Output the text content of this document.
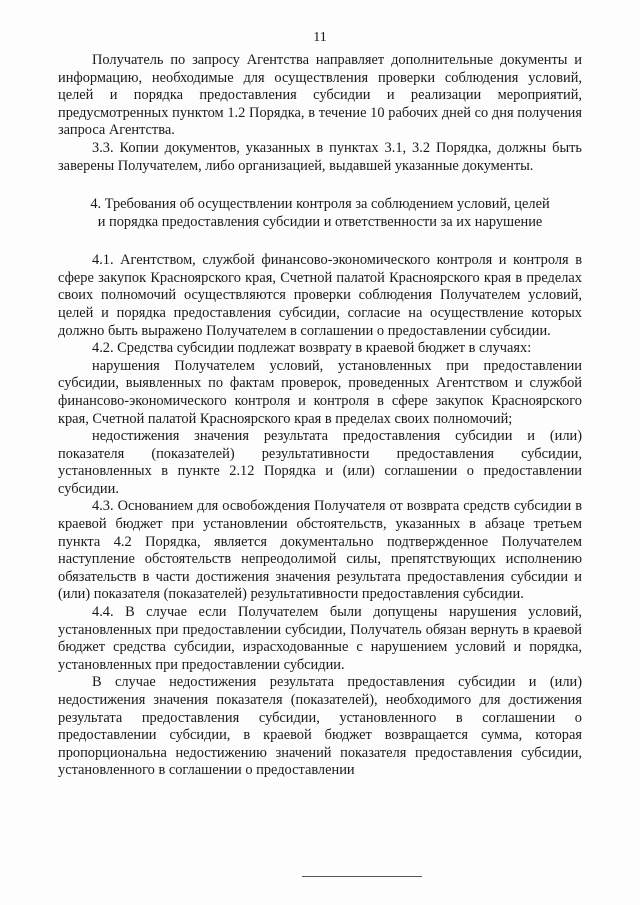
11

Получатель по запросу Агентства направляет дополнительные документы и информацию, необходимые для осуществления проверки соблюдения условий, целей и порядка предоставления субсидии и реализации мероприятий, предусмотренных пунктом 1.2 Порядка, в течение 10 рабочих дней со дня получения запроса Агентства.

3.3. Копии документов, указанных в пунктах 3.1, 3.2 Порядка, должны быть заверены Получателем, либо организацией, выдавшей указанные документы.

4. Требования об осуществлении контроля за соблюдением условий, целей
и порядка предоставления субсидии и ответственности за их нарушение

4.1. Агентством, службой финансово-экономического контроля и контроля в сфере закупок Красноярского края, Счетной палатой Красноярского края в пределах своих полномочий осуществляются проверки соблюдения Получателем условий, целей и порядка предоставления субсидии, согласие на осуществление которых должно быть выражено Получателем в соглашении о предоставлении субсидии.

4.2. Средства субсидии подлежат возврату в краевой бюджет в случаях:

нарушения Получателем условий, установленных при предоставлении субсидии, выявленных по фактам проверок, проведенных Агентством и службой финансово-экономического контроля и контроля в сфере закупок Красноярского края, Счетной палатой Красноярского края в пределах своих полномочий;

недостижения значения результата предоставления субсидии и (или) показателя (показателей) результативности предоставления субсидии, установленных в пункте 2.12 Порядка и (или) соглашении о предоставлении субсидии.

4.3. Основанием для освобождения Получателя от возврата средств субсидии в краевой бюджет при установлении обстоятельств, указанных в абзаце третьем пункта 4.2 Порядка, является документально подтвержденное Получателем наступление обстоятельств непреодолимой силы, препятствующих исполнению обязательств в части достижения значения результата предоставления субсидии и (или) показателя (показателей) результативности предоставления субсидии.

4.4. В случае если Получателем были допущены нарушения условий, установленных при предоставлении субсидии, Получатель обязан вернуть в краевой бюджет средства субсидии, израсходованные с нарушением условий и порядка, установленных при предоставлении субсидии.

В случае недостижения результата предоставления субсидии и (или) недостижения значения показателя (показателей), необходимого для достижения результата предоставления субсидии, установленного в соглашении о предоставлении субсидии, в краевой бюджет возвращается сумма, которая пропорциональна недостижению значений показателя предоставления субсидии, установленного в соглашении о предоставлении
